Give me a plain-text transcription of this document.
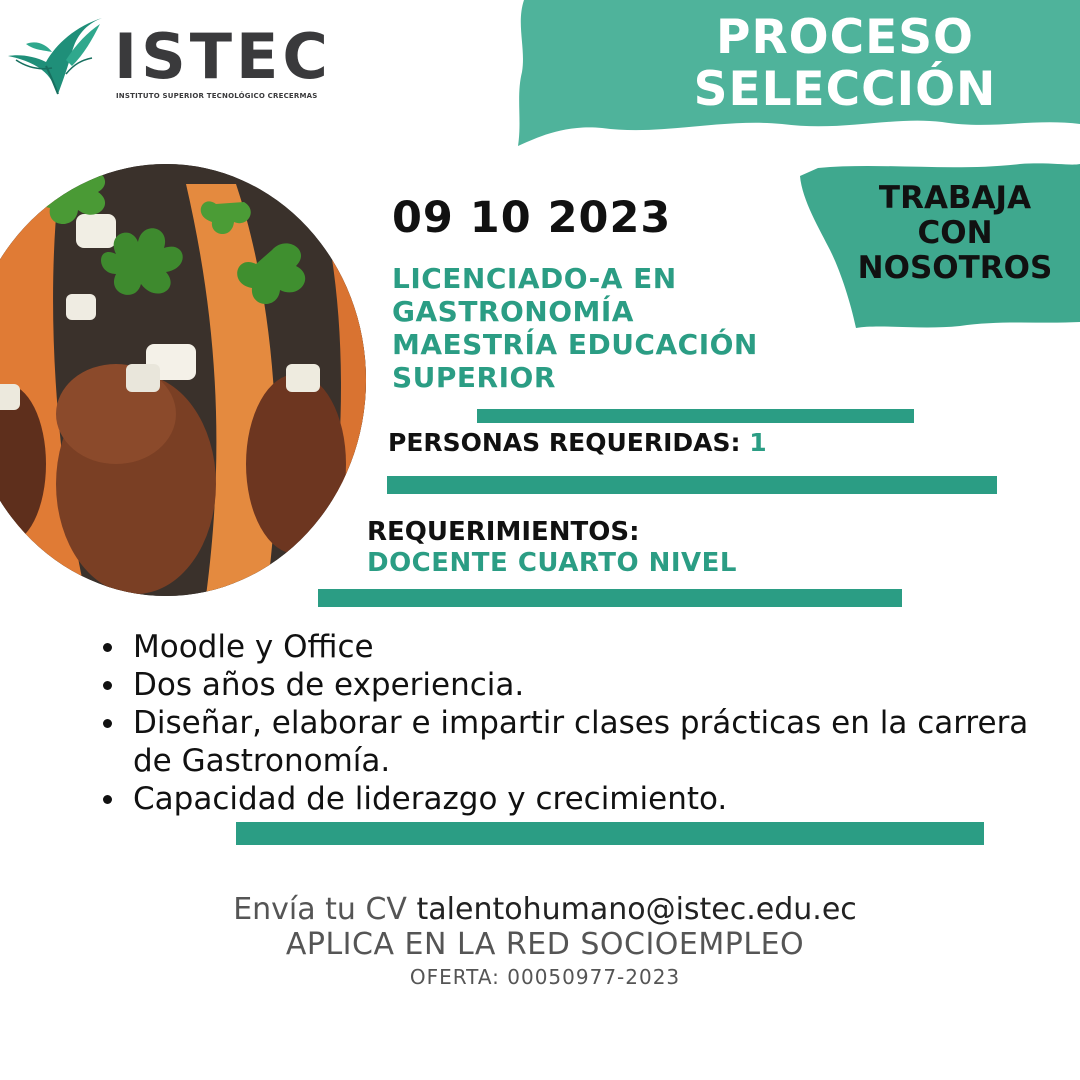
ISTEC
INSTITUTO SUPERIOR TECNOLÓGICO CRECERMAS
PROCESO
SELECCIÓN
TRABAJA
CON
NOSOTROS
09 10 2023
LICENCIADO-A EN
GASTRONOMÍA
MAESTRÍA EDUCACIÓN
SUPERIOR
PERSONAS REQUERIDAS: 1
REQUERIMIENTOS:
DOCENTE CUARTO NIVEL
Moodle y Office
Dos años de experiencia.
Diseñar, elaborar e impartir clases prácticas en la carrera de Gastronomía.
Capacidad de liderazgo y crecimiento.
Envía tu CV talentohumano@istec.edu.ec
APLICA EN LA RED SOCIOEMPLEO
OFERTA: 00050977-2023
